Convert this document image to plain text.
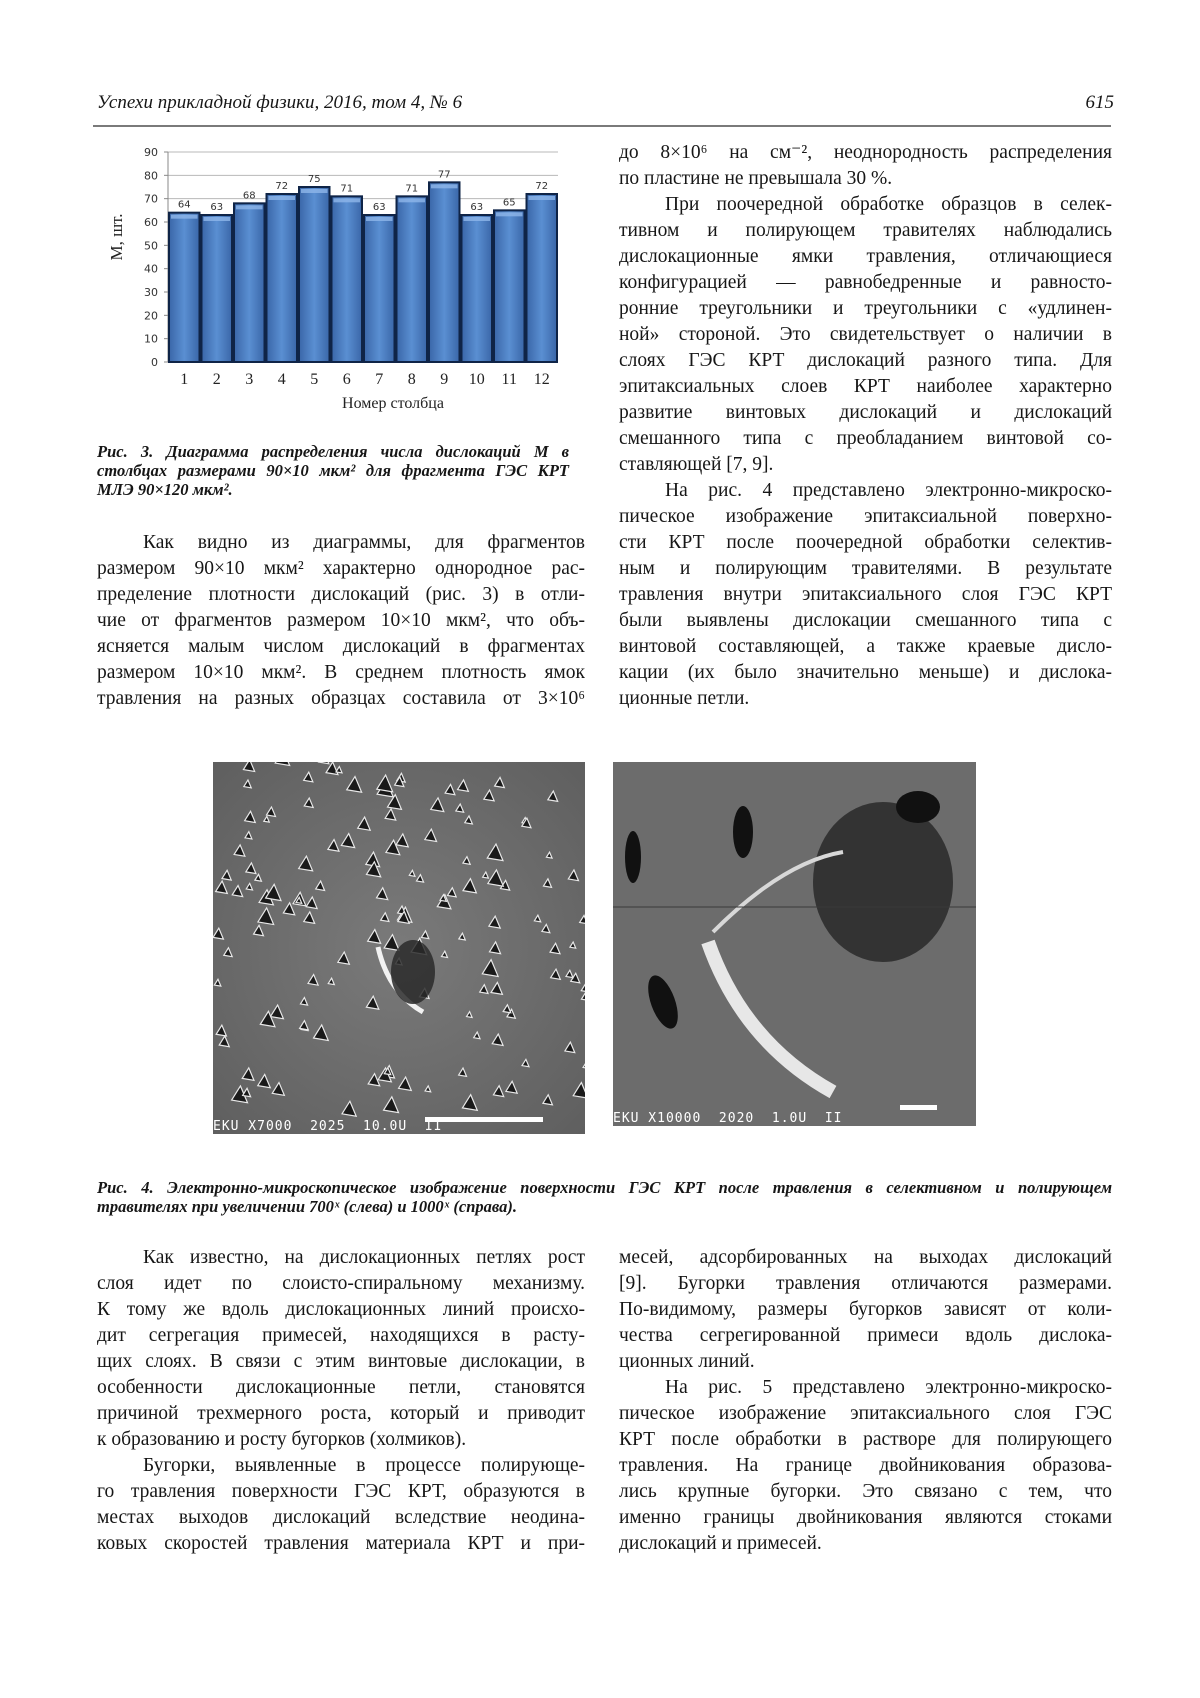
Успехи прикладной физики, 2016, том 4, № 6	615
0
10
20
30
40
50
60
70
80
90
64
1
63
2
68
3
72
4
75
5
71
6
63
7
71
8
77
9
63
10
65
11
72
12
Номер столбца
M, шт.
Рис. 3. Диаграмма распределения числа дислокаций M в
столбцах размерами 90×10 мкм² для фрагмента ГЭС КРТ
МЛЭ 90×120 мкм².
Как видно из диаграммы, для фрагментов
размером 90×10 мкм² характерно однородное рас-
пределение плотности дислокаций (рис. 3) в отли-
чие от фрагментов размером 10×10 мкм², что объ-
ясняется малым числом дислокаций в фрагментах
размером 10×10 мкм². В среднем плотность ямок
травления на разных образцах составила от 3×10⁶
до 8×10⁶ на см⁻², неоднородность распределения
по пластине не превышала 30 %.
При поочередной обработке образцов в селек-
тивном и полирующем травителях наблюдались
дислокационные ямки травления, отличающиеся
конфигурацией — равнобедренные и равносто-
ронние треугольники и треугольники с «удлинен-
ной» стороной. Это свидетельствует о наличии в
слоях ГЭС КРТ дислокаций разного типа. Для
эпитаксиальных слоев КРТ наиболее характерно
развитие винтовых дислокаций и дислокаций
смешанного типа с преобладанием винтовой со-
ставляющей [7, 9].
На рис. 4 представлено электронно-микроско-
пическое изображение эпитаксиальной поверхно-
сти КРТ после поочередной обработки селектив-
ным и полирующим травителями. В результате
травления внутри эпитаксиального слоя ГЭС КРТ
были выявлены дислокации смешанного типа с
винтовой составляющей, а также краевые дисло-
кации (их было значительно меньше) и дислока-
ционные петли.
EKU X7000  2025  10.0U  II
EKU X10000  2020  1.0U  II
Рис. 4. Электронно-микроскопическое изображение поверхности ГЭС КРТ после травления в селективном и полирующем
травителях при увеличении 700ˣ (слева) и 1000ˣ (справа).
Как известно, на дислокационных петлях рост
слоя идет по слоисто-спиральному механизму.
К тому же вдоль дислокационных линий происхо-
дит сегрегация примесей, находящихся в расту-
щих слоях. В связи с этим винтовые дислокации, в
особенности дислокационные петли, становятся
причиной трехмерного роста, который и приводит
к образованию и росту бугорков (холмиков).
Бугорки, выявленные в процессе полирующе-
го травления поверхности ГЭС КРТ, образуются в
местах выходов дислокаций вследствие неодина-
ковых скоростей травления материала КРТ и при-
месей, адсорбированных на выходах дислокаций
[9]. Бугорки травления отличаются размерами.
По-видимому, размеры бугорков зависят от коли-
чества сегрегированной примеси вдоль дислока-
ционных линий.
На рис. 5 представлено электронно-микроско-
пическое изображение эпитаксиального слоя ГЭС
КРТ после обработки в растворе для полирующего
травления. На границе двойникования образова-
лись крупные бугорки. Это связано с тем, что
именно границы двойникования являются стоками
дислокаций и примесей.
